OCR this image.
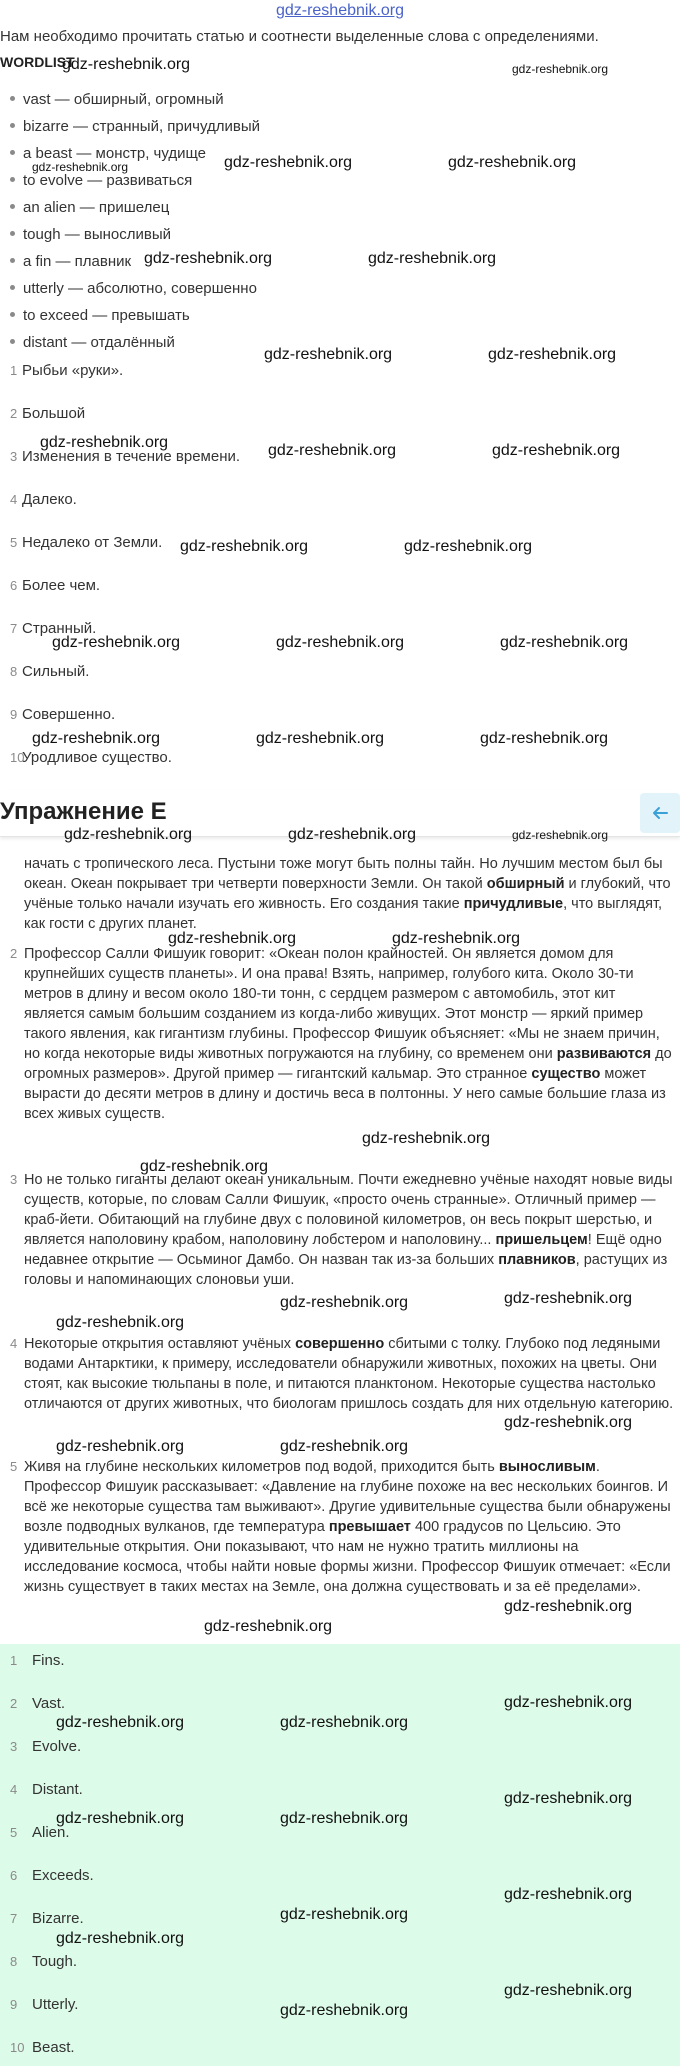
gdz-reshebnik.org
Нам необходимо прочитать статью и соотнести выделенные слова с определениями.
WORDLIST
vast — обширный, огромный
bizarre — странный, причудливый
a beast — монстр, чудище
to evolve — развиваться
an alien — пришелец
tough — выносливый
a fin — плавник
utterly — абсолютно, совершенно
to exceed — превышать
distant — отдалённый
1 Рыбьи «руки».
2 Большой
3 Изменения в течение времени.
4 Далеко.
5 Недалеко от Земли.
6 Более чем.
7 Странный.
8 Сильный.
9 Совершенно.
10Уродливое существо.
Упражнение E
начать с тропического леса. Пустыни тоже могут быть полны тайн. Но лучшим местом был бы океан. Океан покрывает три четверти поверхности Земли. Он такой обширный и глубокий, что учёные только начали изучать его живность. Его создания такие причудливые, что выглядят, как гости с других планет.
2 Профессор Салли Фишуик говорит: «Океан полон крайностей. Он является домом для крупнейших существ планеты». И она права! Взять, например, голубого кита. Около 30-ти метров в длину и весом около 180-ти тонн, с сердцем размером с автомобиль, этот кит является самым большим созданием из когда-либо живущих. Этот монстр — яркий пример такого явления, как гигантизм глубины. Профессор Фишуик объясняет: «Мы не знаем причин, но когда некоторые виды животных погружаются на глубину, со временем они развиваются до огромных размеров». Другой пример — гигантский кальмар. Это странное существо может вырасти до десяти метров в длину и достичь веса в полтонны. У него самые большие глаза из всех живых существ.
3 Но не только гиганты делают океан уникальным. Почти ежедневно учёные находят новые виды существ, которые, по словам Салли Фишуик, «просто очень странные». Отличный пример — краб-йети. Обитающий на глубине двух с половиной километров, он весь покрыт шерстью, и является наполовину крабом, наполовину лобстером и наполовину... пришельцем! Ещё одно недавнее открытие — Осьминог Дамбо. Он назван так из-за больших плавников, растущих из головы и напоминающих слоновьи уши.
4 Некоторые открытия оставляют учёных совершенно сбитыми с толку. Глубоко под ледяными водами Антарктики, к примеру, исследователи обнаружили животных, похожих на цветы. Они стоят, как высокие тюльпаны в поле, и питаются планктоном. Некоторые существа настолько отличаются от других животных, что биологам пришлось создать для них отдельную категорию.
5 Живя на глубине нескольких километров под водой, приходится быть выносливым. Профессор Фишуик рассказывает: «Давление на глубине похоже на вес нескольких боингов. И всё же некоторые существа там выживают». Другие удивительные существа были обнаружены возле подводных вулканов, где температура превышает 400 градусов по Цельсию. Это удивительные открытия. Они показывают, что нам не нужно тратить миллионы на исследование космоса, чтобы найти новые формы жизни. Профессор Фишуик отмечает: «Если жизнь существует в таких местах на Земле, она должна существовать и за её пределами».
1 Fins.
2 Vast.
3 Evolve.
4 Distant.
5 Alien.
6 Exceeds.
7 Bizarre.
8 Tough.
9 Utterly.
10 Beast.
gdz-reshebnik.org	gdz-reshebnik.org
gdz-reshebnik.org	gdz-reshebnik.org	gdz-reshebnik.org
gdz-reshebnik.org	gdz-reshebnik.org
gdz-reshebnik.org	gdz-reshebnik.org
gdz-reshebnik.org	gdz-reshebnik.org	gdz-reshebnik.org
gdz-reshebnik.org	gdz-reshebnik.org
gdz-reshebnik.org	gdz-reshebnik.org	gdz-reshebnik.org
gdz-reshebnik.org	gdz-reshebnik.org	gdz-reshebnik.org
gdz-reshebnik.org	gdz-reshebnik.org	gdz-reshebnik.org
gdz-reshebnik.org	gdz-reshebnik.org
gdz-reshebnik.org
gdz-reshebnik.org
gdz-reshebnik.org	gdz-reshebnik.org
gdz-reshebnik.org
gdz-reshebnik.org
gdz-reshebnik.org	gdz-reshebnik.org
gdz-reshebnik.org
gdz-reshebnik.org
gdz-reshebnik.org
gdz-reshebnik.org	gdz-reshebnik.org
gdz-reshebnik.org
gdz-reshebnik.org	gdz-reshebnik.org
gdz-reshebnik.org
gdz-reshebnik.org
gdz-reshebnik.org
gdz-reshebnik.org
gdz-reshebnik.org
